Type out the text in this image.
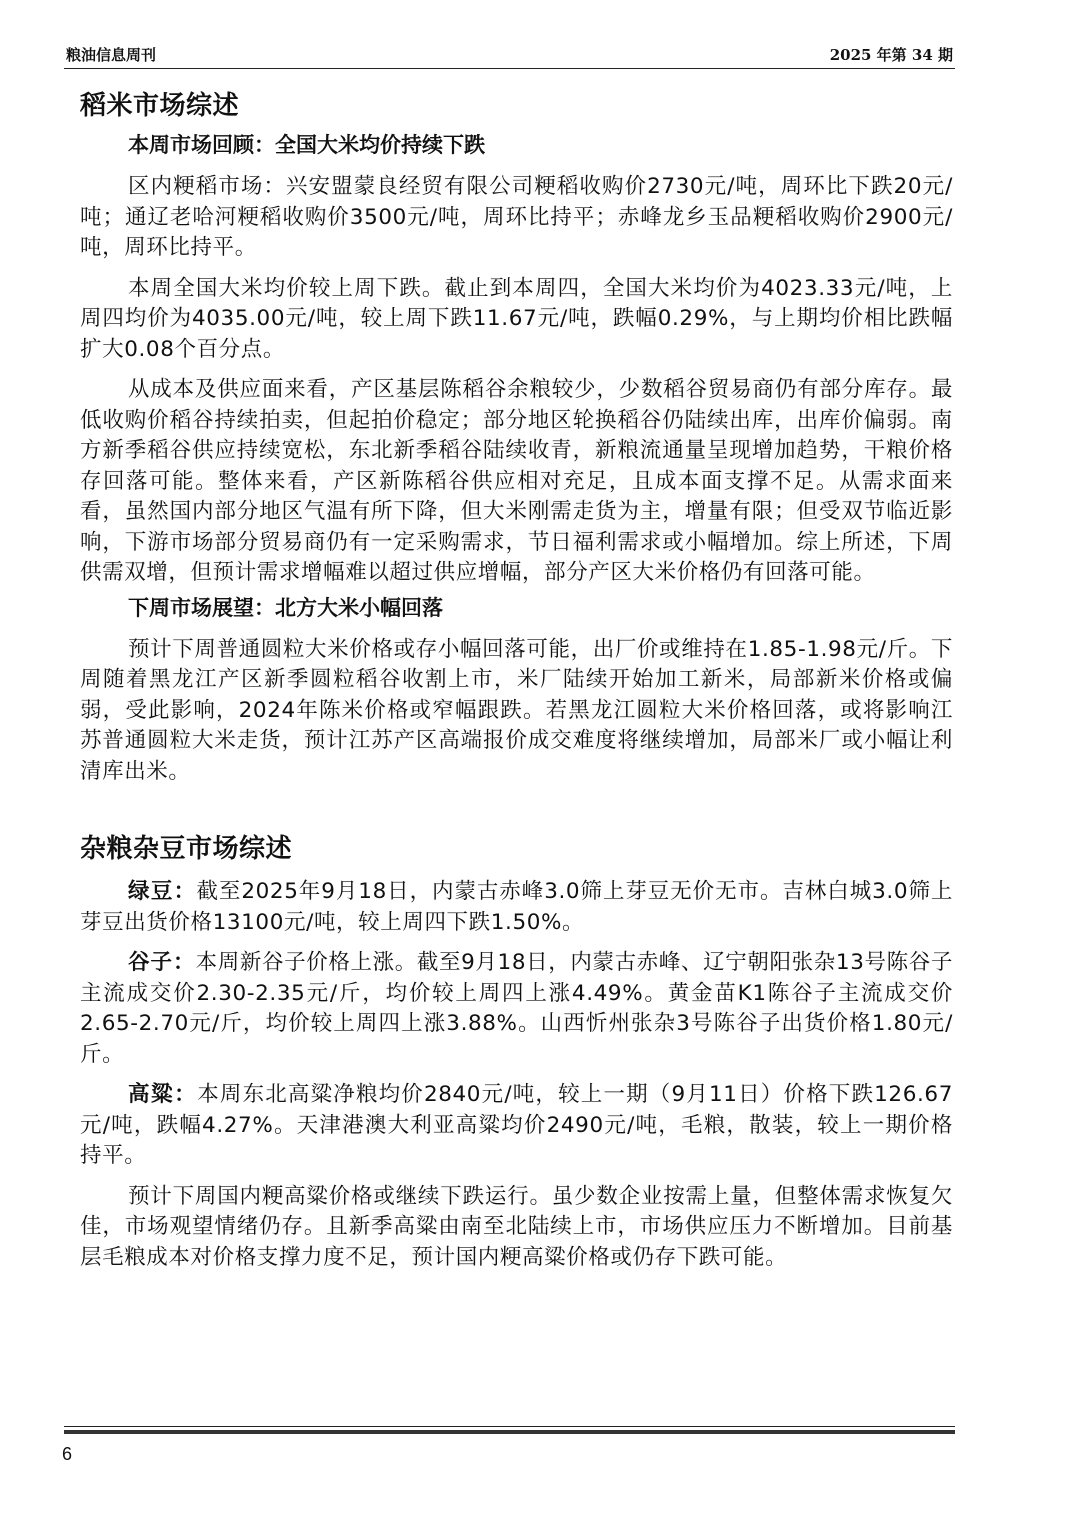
粮油信息周刊	2025 年第 34 期
稻米市场综述
本周市场回顾：全国大米均价持续下跌

区内粳稻市场：兴安盟蒙良经贸有限公司粳稻收购价2730元/吨，周环比下跌20元/吨；通辽老哈河粳稻收购价3500元/吨，周环比持平；赤峰龙乡玉品粳稻收购价2900元/吨，周环比持平。

本周全国大米均价较上周下跌。截止到本周四，全国大米均价为4023.33元/吨，上周四均价为4035.00元/吨，较上周下跌11.67元/吨，跌幅0.29%，与上期均价相比跌幅扩大0.08个百分点。

从成本及供应面来看，产区基层陈稻谷余粮较少，少数稻谷贸易商仍有部分库存。最低收购价稻谷持续拍卖，但起拍价稳定；部分地区轮换稻谷仍陆续出库，出库价偏弱。南方新季稻谷供应持续宽松，东北新季稻谷陆续收青，新粮流通量呈现增加趋势，干粮价格存回落可能。整体来看，产区新陈稻谷供应相对充足，且成本面支撑不足。从需求面来看，虽然国内部分地区气温有所下降，但大米刚需走货为主，增量有限；但受双节临近影响，下游市场部分贸易商仍有一定采购需求，节日福利需求或小幅增加。综上所述，下周供需双增，但预计需求增幅难以超过供应增幅，部分产区大米价格仍有回落可能。

下周市场展望：北方大米小幅回落

预计下周普通圆粒大米价格或存小幅回落可能，出厂价或维持在1.85-1.98元/斤。下周随着黑龙江产区新季圆粒稻谷收割上市，米厂陆续开始加工新米，局部新米价格或偏弱，受此影响，2024年陈米价格或窄幅跟跌。若黑龙江圆粒大米价格回落，或将影响江苏普通圆粒大米走货，预计江苏产区高端报价成交难度将继续增加，局部米厂或小幅让利清库出米。

杂粮杂豆市场综述

绿豆：截至2025年9月18日，内蒙古赤峰3.0筛上芽豆无价无市。吉林白城3.0筛上芽豆出货价格13100元/吨，较上周四下跌1.50%。

谷子：本周新谷子价格上涨。截至9月18日，内蒙古赤峰、辽宁朝阳张杂13号陈谷子主流成交价2.30-2.35元/斤，均价较上周四上涨4.49%。黄金苗K1陈谷子主流成交价2.65-2.70元/斤，均价较上周四上涨3.88%。山西忻州张杂3号陈谷子出货价格1.80元/斤。

高粱：本周东北高粱净粮均价2840元/吨，较上一期（9月11日）价格下跌126.67元/吨，跌幅4.27%。天津港澳大利亚高粱均价2490元/吨，毛粮，散装，较上一期价格持平。

预计下周国内粳高粱价格或继续下跌运行。虽少数企业按需上量，但整体需求恢复欠佳，市场观望情绪仍存。且新季高粱由南至北陆续上市，市场供应压力不断增加。目前基层毛粮成本对价格支撑力度不足，预计国内粳高粱价格或仍存下跌可能。

6
